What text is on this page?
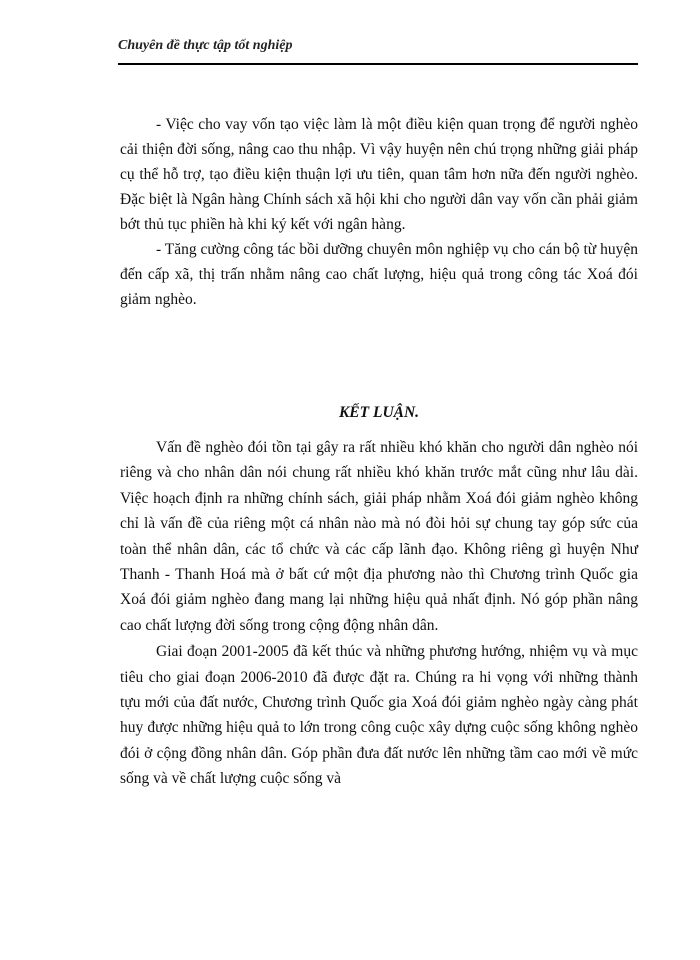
Chuyên đề thực tập tốt nghiệp

- Việc cho vay vốn tạo việc làm là một điều kiện quan trọng để người nghèo cải thiện đời sống, nâng cao thu nhập. Vì vậy huyện nên chú trọng những giải pháp cụ thể hỗ trợ, tạo điều kiện thuận lợi ưu tiên, quan tâm hơn nữa đến người nghèo. Đặc biệt là Ngân hàng Chính sách xã hội khi cho người dân vay vốn cần phải giảm bớt thủ tục phiền hà khi ký kết với ngân hàng.

- Tăng cường công tác bồi dưỡng chuyên môn nghiệp vụ cho cán bộ từ huyện đến cấp xã, thị trấn nhằm nâng cao chất lượng, hiệu quả trong công tác Xoá đói giảm nghèo.

KẾT LUẬN.

Vấn đề nghèo đói tồn tại gây ra rất nhiều khó khăn cho người dân nghèo nói riêng và cho nhân dân nói chung rất nhiều khó khăn trước mắt cũng như lâu dài. Việc hoạch định ra những chính sách, giải pháp nhằm Xoá đói giảm nghèo không chỉ là vấn đề của riêng một cá nhân nào mà nó đòi hỏi sự chung tay góp sức của toàn thể nhân dân, các tổ chức và các cấp lãnh đạo. Không riêng gì huyện Như Thanh - Thanh Hoá mà ở bất cứ một địa phương nào thì Chương trình Quốc gia Xoá đói giảm nghèo đang mang lại những hiệu quả nhất định. Nó góp phần nâng cao chất lượng đời sống trong cộng động nhân dân.

Giai đoạn 2001-2005 đã kết thúc và những phương hướng, nhiệm vụ và mục tiêu cho giai đoạn 2006-2010 đã được đặt ra. Chúng ra hi vọng với những thành tựu mới của đất nước, Chương trình Quốc gia Xoá đói giảm nghèo ngày càng phát huy được những hiệu quả to lớn trong công cuộc xây dựng cuộc sống không nghèo đói ở cộng đồng nhân dân. Góp phần đưa đất nước lên những tầm cao mới về mức sống và về chất lượng cuộc sống và
